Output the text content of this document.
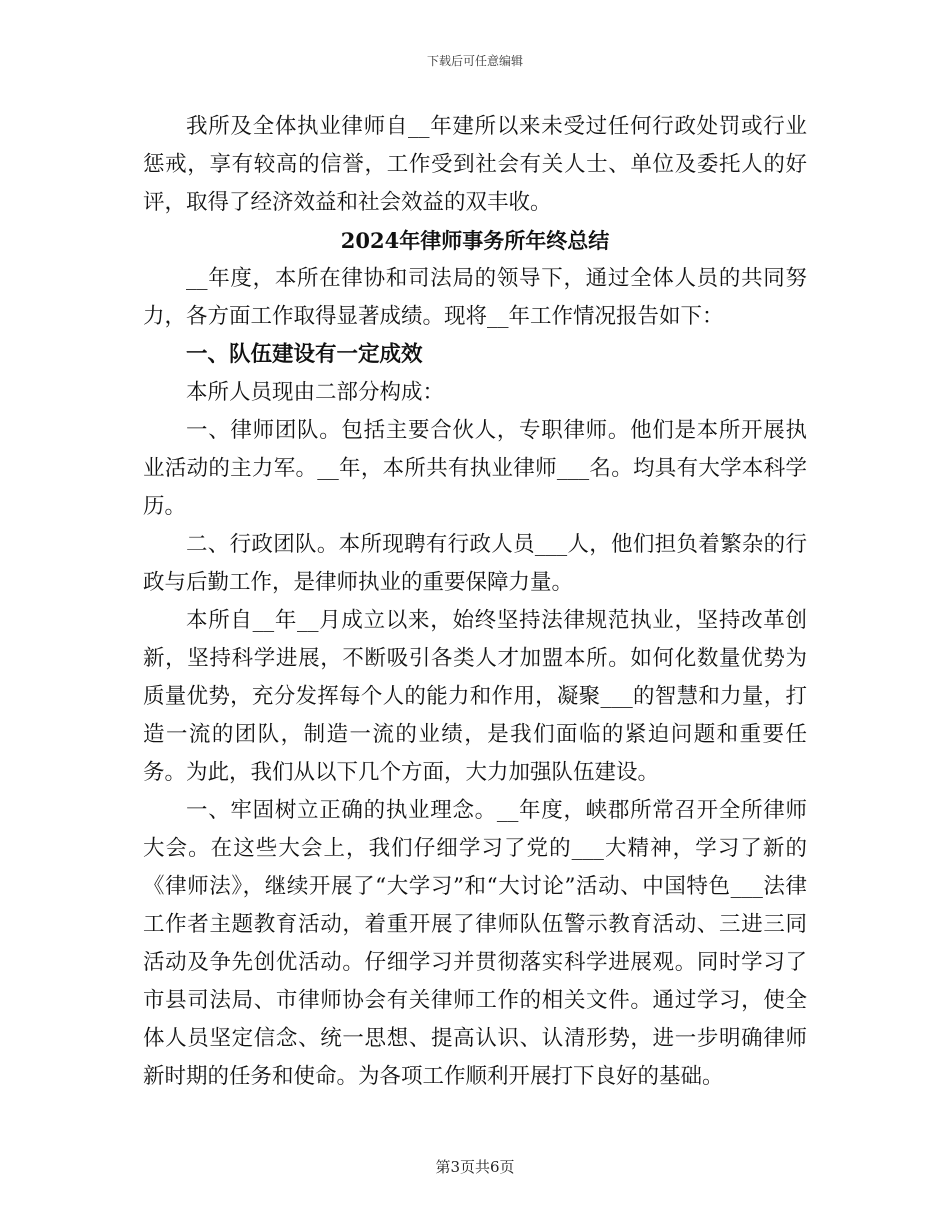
下载后可任意编辑

我所及全体执业律师自__年建所以来未受过任何行政处罚或行业惩戒，享有较高的信誉，工作受到社会有关人士、单位及委托人的好评，取得了经济效益和社会效益的双丰收。

2024年律师事务所年终总结

__年度，本所在律协和司法局的领导下，通过全体人员的共同努力，各方面工作取得显著成绩。现将__年工作情况报告如下：

一、队伍建设有一定成效

本所人员现由二部分构成：

一、律师团队。包括主要合伙人，专职律师。他们是本所开展执业活动的主力军。__年，本所共有执业律师___名。均具有大学本科学历。

二、行政团队。本所现聘有行政人员___人，他们担负着繁杂的行政与后勤工作，是律师执业的重要保障力量。

本所自__年__月成立以来，始终坚持法律规范执业，坚持改革创新，坚持科学进展，不断吸引各类人才加盟本所。如何化数量优势为质量优势，充分发挥每个人的能力和作用，凝聚___的智慧和力量，打造一流的团队，制造一流的业绩，是我们面临的紧迫问题和重要任务。为此，我们从以下几个方面，大力加强队伍建设。

一、牢固树立正确的执业理念。__年度，峡郡所常召开全所律师大会。在这些大会上，我们仔细学习了党的___大精神，学习了新的《律师法》，继续开展了“大学习”和“大讨论”活动、中国特色___法律工作者主题教育活动，着重开展了律师队伍警示教育活动、三进三同活动及争先创优活动。仔细学习并贯彻落实科学进展观。同时学习了市县司法局、市律师协会有关律师工作的相关文件。通过学习，使全体人员坚定信念、统一思想、提高认识、认清形势，进一步明确律师新时期的任务和使命。为各项工作顺利开展打下良好的基础。

第3页共6页
